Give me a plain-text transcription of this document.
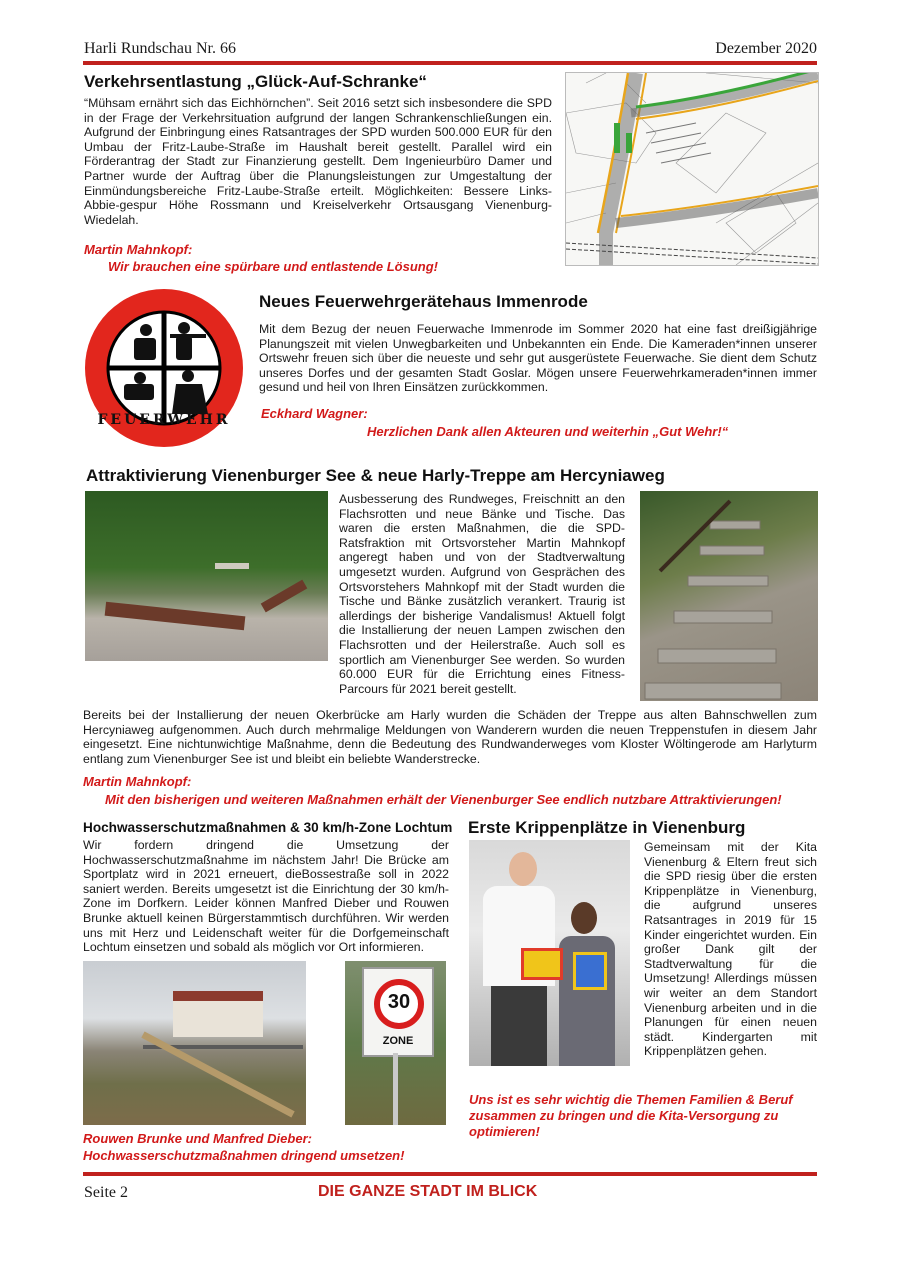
Harli Rundschau Nr. 66	Dezember 2020
Verkehrsentlastung „Glück-Auf-Schranke“
“Mühsam ernährt sich das Eichhörnchen”. Seit 2016 setzt sich insbesondere die SPD in der Frage der Verkehrsituation aufgrund der langen Schrankenschließungen ein. Aufgrund der Einbringung eines Ratsantrages der SPD wurden 500.000 EUR für den Umbau der Fritz-Laube-Straße im Haushalt bereit gestellt. Parallel wird ein Förderantrag der Stadt zur Finanzierung gestellt. Dem Ingenieurbüro Damer und Partner wurde der Auftrag über die Planungsleistungen zur Umgestaltung der Einmündungsbereiche Fritz-Laube-Straße erteilt. Möglichkeiten: Bessere Links-Abbie-gespur Höhe Rossmann und Kreiselverkehr Ortsausgang Vienenburg-Wiedelah.
Martin Mahnkopf:
Wir brauchen eine spürbare und entlastende Lösung!
FEUERWEHR
Neues Feuerwehrgerätehaus Immenrode
Mit dem Bezug der neuen Feuerwache Immenrode im Sommer 2020 hat eine fast dreißigjährige Planungszeit mit vielen Unwegbarkeiten und Unbekannten ein Ende. Die Kameraden*innen unserer Ortswehr freuen sich über die neueste und sehr gut ausgerüstete Feuerwache. Sie dient dem Schutz unseres Dorfes und der gesamten Stadt Goslar. Mögen unsere Feuerwehrkameraden*innen immer gesund und heil von Ihren Einsätzen zurückkommen.
Eckhard Wagner:
Herzlichen Dank allen Akteuren und weiterhin „Gut Wehr!“
Attraktivierung Vienenburger See & neue Harly-Treppe am Hercyniaweg
Ausbesserung des Rundweges, Freischnitt an den Flachsrotten und neue Bänke und Tische. Das waren die ersten Maßnahmen, die die SPD-Ratsfraktion mit Ortsvorsteher Martin Mahnkopf angeregt haben und von der Stadtverwaltung umgesetzt wurden. Aufgrund von Gesprächen des Ortsvorstehers Mahnkopf mit der Stadt wurden die Tische und Bänke zusätzlich verankert. Traurig ist allerdings der bisherige Vandalismus! Aktuell folgt die Installierung der neuen Lampen zwischen den Flachsrotten und der Heilerstraße. Auch soll es sportlich am Vienenburger See werden. So wurden 60.000 EUR für die Errichtung eines Fitness-Parcours für 2021 bereit gestellt.
Bereits bei der Installierung der neuen Okerbrücke am Harly wurden die Schäden der Treppe aus alten Bahnschwellen zum Hercyniaweg aufgenommen. Auch durch mehrmalige Meldungen von Wanderern wurden die neuen Treppenstufen in diesem Jahr eingesetzt. Eine nichtunwichtige Maßnahme, denn die Bedeutung des Rundwanderweges vom Kloster Wöltingerode am Harlyturm entlang zum Vienenburger See ist und bleibt ein beliebte Wanderstrecke.
Martin Mahnkopf:
Mit den bisherigen und weiteren Maßnahmen erhält der Vienenburger See endlich nutzbare Attraktivierungen!
Hochwasserschutzmaßnahmen & 30 km/h-Zone Lochtum
Wir fordern dringend die Umsetzung der Hochwasserschutzmaßnahme im nächstem Jahr! Die Brücke am Sportplatz wird in 2021 erneuert, dieBossestraße soll in 2022 saniert werden. Bereits umgesetzt ist die Einrichtung der 30 km/h-Zone im Dorfkern. Leider können Manfred Dieber und Rouwen Brunke aktuell keinen Bürgerstammtisch durchführen. Wir werden uns mit Herz und Leidenschaft weiter für die Dorfgemeinschaft Lochtum einsetzen und sobald als möglich vor Ort informieren.
30
ZONE
Rouwen Brunke und Manfred Dieber:
Hochwasserschutzmaßnahmen dringend umsetzen!
Erste Krippenplätze in Vienenburg
Gemeinsam mit der Kita Vienenburg & Eltern freut sich die SPD riesig über die ersten Krippenplätze in Vienenburg, die aufgrund unseres Ratsantrages in 2019 für 15 Kinder eingerichtet wurden. Ein großer Dank gilt der Stadtverwaltung für die Umsetzung! Allerdings müssen wir weiter an dem Standort Vienenburg arbeiten und in die Planungen für einen neuen städt. Kindergarten mit Krippenplätzen gehen.
Uns ist es sehr wichtig die Themen Familien & Beruf zusammen zu bringen und die Kita-Versorgung zu optimieren!
Seite 2	DIE GANZE STADT IM BLICK
